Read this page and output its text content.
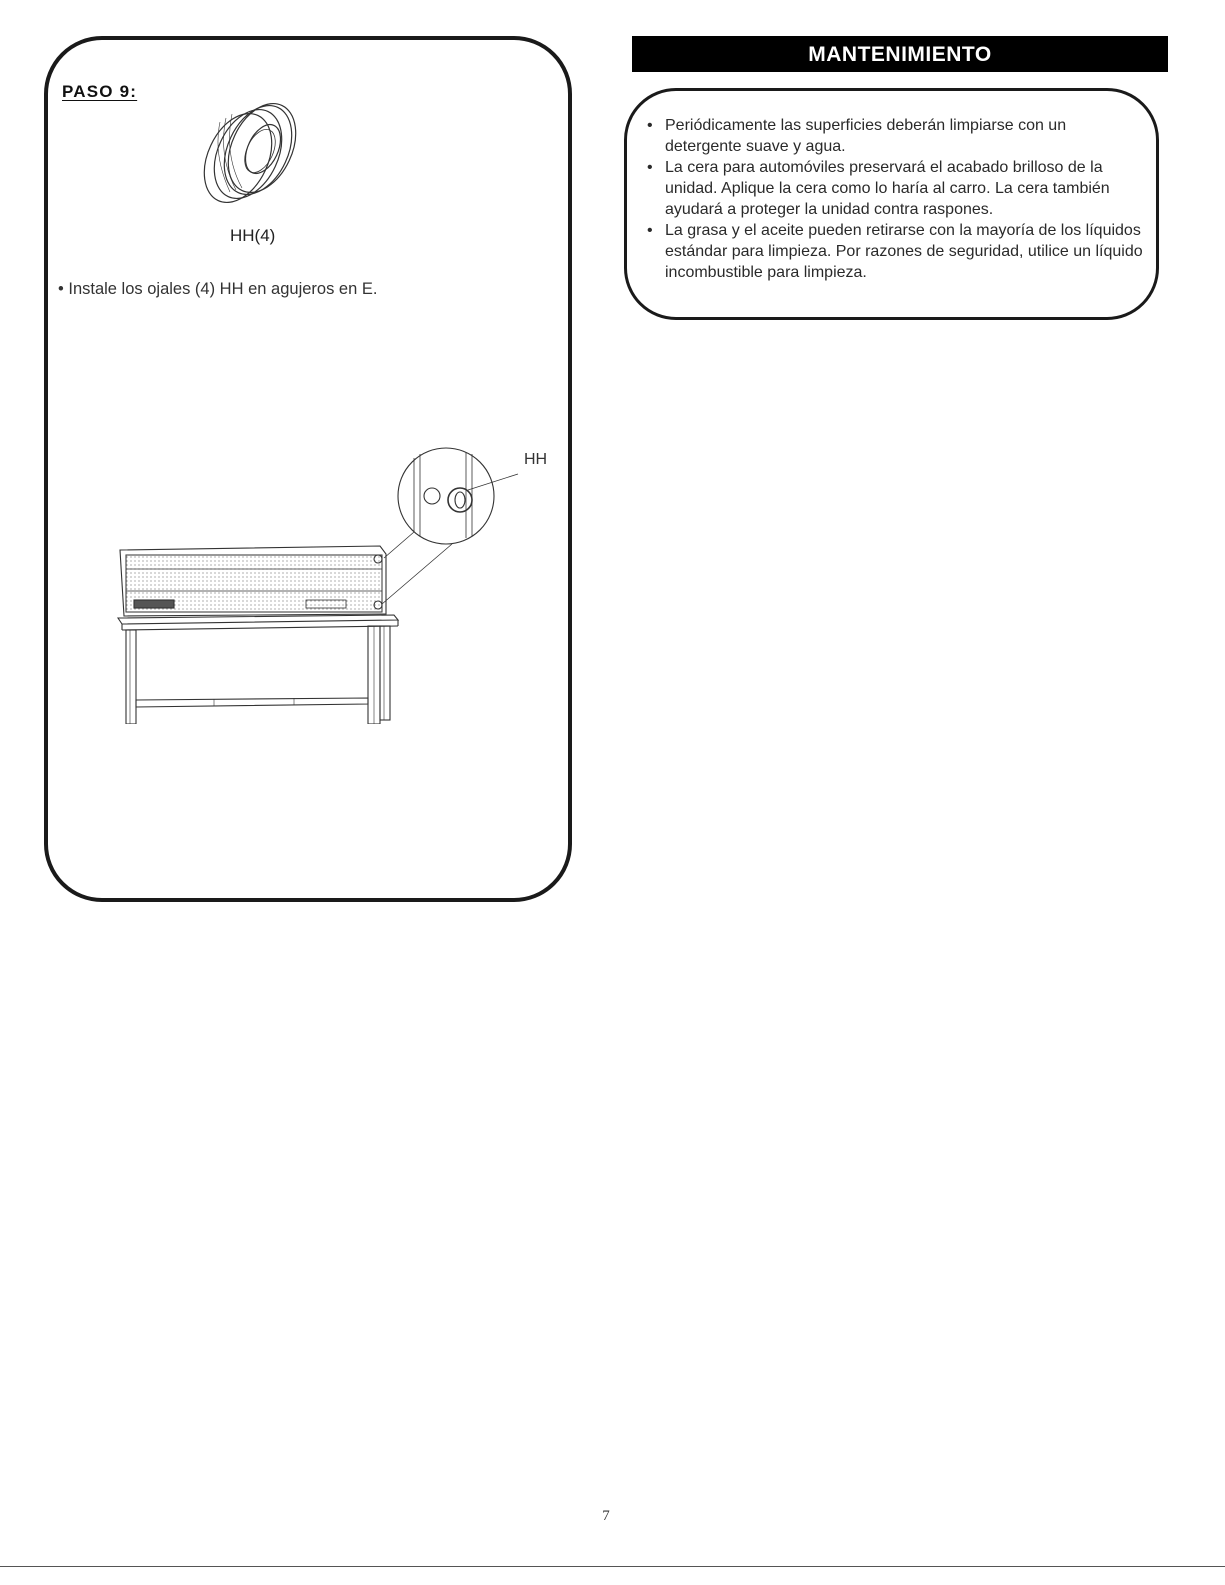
PASO 9:
HH(4)

• Instale los ojales (4) HH en agujeros en E.

HH
MANTENIMIENTO
• Periódicamente las superficies deberán limpiarse con un detergente suave y agua.
• La cera para automóviles preservará el acabado brilloso de la unidad. Aplique la cera como lo haría al carro. La cera también ayudará a proteger la unidad contra raspones.
• La grasa y el aceite pueden retirarse con la mayoría de los líquidos estándar para limpieza. Por razones de seguridad, utilice un líquido incombustible para limpieza.
7
